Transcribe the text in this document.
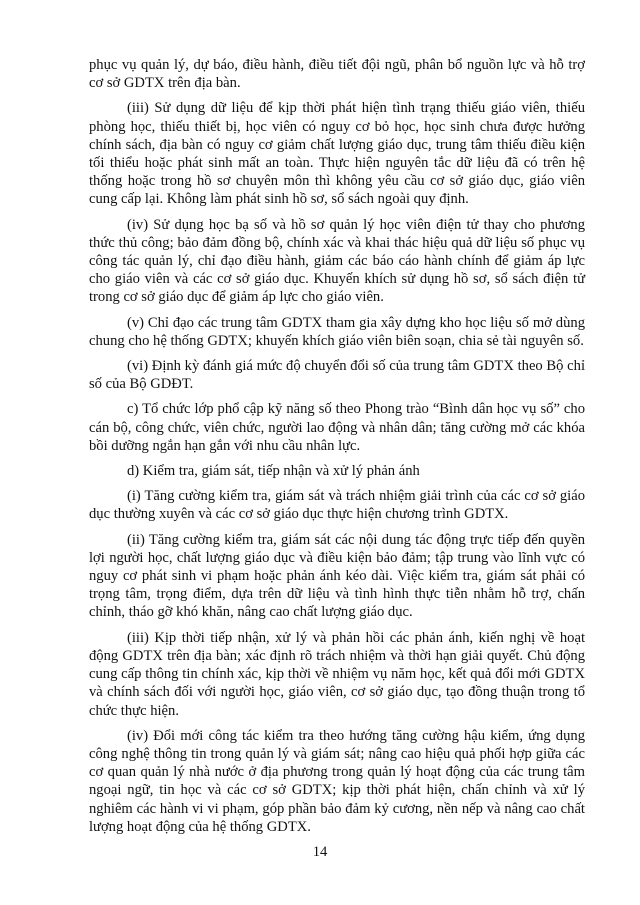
phục vụ quản lý, dự báo, điều hành, điều tiết đội ngũ, phân bổ nguồn lực và hỗ trợ cơ sở GDTX trên địa bàn.

(iii) Sử dụng dữ liệu để kịp thời phát hiện tình trạng thiếu giáo viên, thiếu phòng học, thiếu thiết bị, học viên có nguy cơ bỏ học, học sinh chưa được hưởng chính sách, địa bàn có nguy cơ giảm chất lượng giáo dục, trung tâm thiếu điều kiện tối thiểu hoặc phát sinh mất an toàn. Thực hiện nguyên tắc dữ liệu đã có trên hệ thống hoặc trong hồ sơ chuyên môn thì không yêu cầu cơ sở giáo dục, giáo viên cung cấp lại. Không làm phát sinh hồ sơ, sổ sách ngoài quy định.

(iv) Sử dụng học bạ số và hồ sơ quản lý học viên điện tử thay cho phương thức thủ công; bảo đảm đồng bộ, chính xác và khai thác hiệu quả dữ liệu số phục vụ công tác quản lý, chỉ đạo điều hành, giảm các báo cáo hành chính để giảm áp lực cho giáo viên và các cơ sở giáo dục. Khuyến khích sử dụng hồ sơ, sổ sách điện tử trong cơ sở giáo dục để giảm áp lực cho giáo viên.

(v) Chỉ đạo các trung tâm GDTX tham gia xây dựng kho học liệu số mở dùng chung cho hệ thống GDTX; khuyến khích giáo viên biên soạn, chia sẻ tài nguyên số.

(vi) Định kỳ đánh giá mức độ chuyển đổi số của trung tâm GDTX theo Bộ chỉ số của Bộ GDĐT.

c) Tổ chức lớp phổ cập kỹ năng số theo Phong trào “Bình dân học vụ số” cho cán bộ, công chức, viên chức, người lao động và nhân dân; tăng cường mở các khóa bồi dưỡng ngắn hạn gắn với nhu cầu nhân lực.

d) Kiểm tra, giám sát, tiếp nhận và xử lý phản ánh

(i) Tăng cường kiểm tra, giám sát và trách nhiệm giải trình của các cơ sở giáo dục thường xuyên và các cơ sở giáo dục thực hiện chương trình GDTX.

(ii) Tăng cường kiểm tra, giám sát các nội dung tác động trực tiếp đến quyền lợi người học, chất lượng giáo dục và điều kiện bảo đảm; tập trung vào lĩnh vực có nguy cơ phát sinh vi phạm hoặc phản ánh kéo dài. Việc kiểm tra, giám sát phải có trọng tâm, trọng điểm, dựa trên dữ liệu và tình hình thực tiễn nhằm hỗ trợ, chấn chỉnh, tháo gỡ khó khăn, nâng cao chất lượng giáo dục.

(iii) Kịp thời tiếp nhận, xử lý và phản hồi các phản ánh, kiến nghị về hoạt động GDTX trên địa bàn; xác định rõ trách nhiệm và thời hạn giải quyết. Chủ động cung cấp thông tin chính xác, kịp thời về nhiệm vụ năm học, kết quả đổi mới GDTX và chính sách đối với người học, giáo viên, cơ sở giáo dục, tạo đồng thuận trong tổ chức thực hiện.

(iv) Đổi mới công tác kiểm tra theo hướng tăng cường hậu kiểm, ứng dụng công nghệ thông tin trong quản lý và giám sát; nâng cao hiệu quả phối hợp giữa các cơ quan quản lý nhà nước ở địa phương trong quản lý hoạt động của các trung tâm ngoại ngữ, tin học và các cơ sở GDTX; kịp thời phát hiện, chấn chỉnh và xử lý nghiêm các hành vi vi phạm, góp phần bảo đảm kỷ cương, nền nếp và nâng cao chất lượng hoạt động của hệ thống GDTX.

14
